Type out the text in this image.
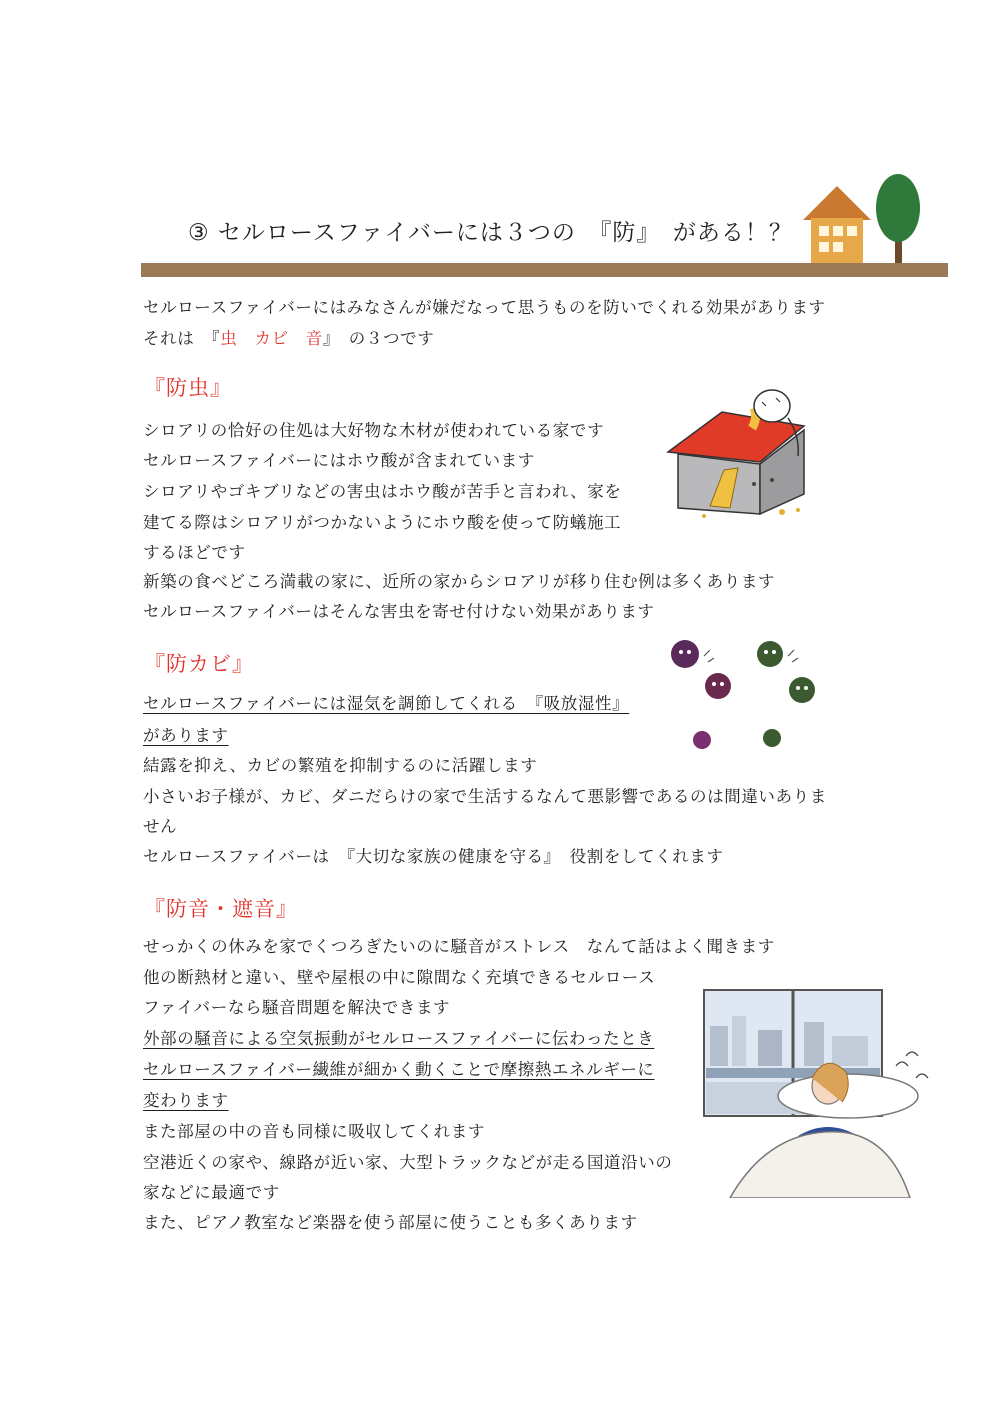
③ セルロースファイバーには３つの　『防』　がある！？
セルロースファイバーにはみなさんが嫌だなって思うものを防いでくれる効果があります
それは　『虫　カビ　音』　の３つです
『防虫』
シロアリの恰好の住処は大好物な木材が使われている家です
セルロースファイバーにはホウ酸が含まれています
シロアリやゴキブリなどの害虫はホウ酸が苦手と言われ、家を
建てる際はシロアリがつかないようにホウ酸を使って防蟻施工
するほどです
新築の食べどころ満載の家に、近所の家からシロアリが移り住む例は多くあります
セルロースファイバーはそんな害虫を寄せ付けない効果があります
『防カビ』
セルロースファイバーには湿気を調節してくれる　『吸放湿性』
があります
結露を抑え、カビの繁殖を抑制するのに活躍します
小さいお子様が、カビ、ダニだらけの家で生活するなんて悪影響であるのは間違いありま
せん
セルロースファイバーは　『大切な家族の健康を守る』　役割をしてくれます
『防音・遮音』
せっかくの休みを家でくつろぎたいのに騒音がストレス　なんて話はよく聞きます
他の断熱材と違い、壁や屋根の中に隙間なく充填できるセルロース
ファイバーなら騒音問題を解決できます
外部の騒音による空気振動がセルロースファイバーに伝わったとき
セルロースファイバー繊維が細かく動くことで摩擦熱エネルギーに
変わります
また部屋の中の音も同様に吸収してくれます
空港近くの家や、線路が近い家、大型トラックなどが走る国道沿いの
家などに最適です
また、ピアノ教室など楽器を使う部屋に使うことも多くあります
